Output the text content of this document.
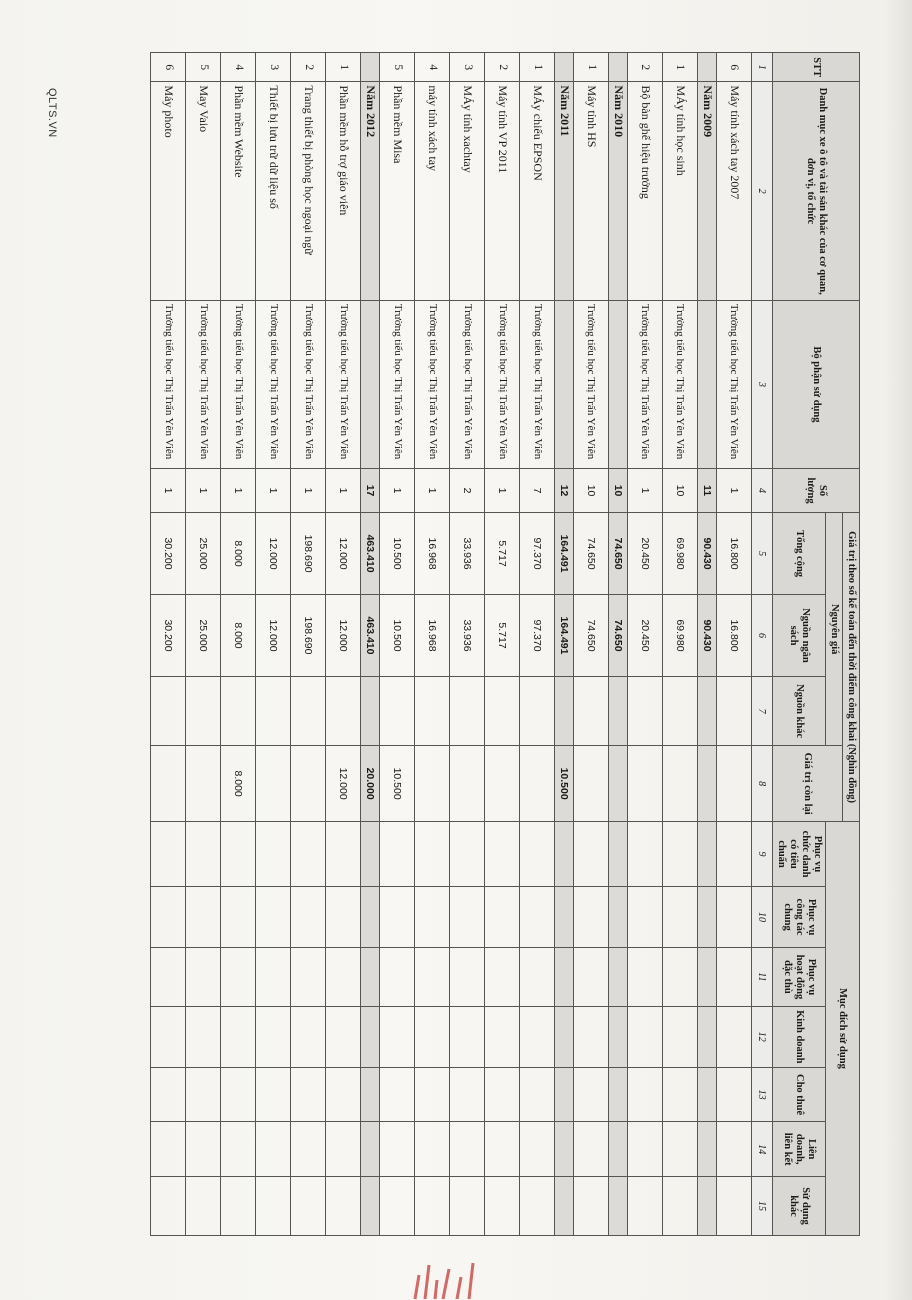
QLTS.VN
STT	Danh mục xe ô tô và tài sản khác của cơ quan, đơn vị, tổ chức	Bộ phận sử dụng	Số lượng	Giá trị theo sổ kế toán đến thời điểm công khai (Nghìn đồng)				Mục đích sử dụng						
				Nguyên giá			Giá trị còn lại							
				Tổng cộng	Nguồn ngân sách	Nguồn khác		Phục vụ chức danh có tiêu chuẩn	Phục vụ công tác chung	Phục vụ hoạt động đặc thù	Kinh doanh	Cho thuê	Liên doanh, liên kết	Sử dụng khác
1	2	3	4	5	6	7	8	9	10	11	12	13	14	15
6	Máy tính xách tay 2007	Trường tiểu học Thị Trấn Yên Viên	1	16.800	16.800									
	Năm 2009		11	90.430	90.430									
1	MÁy tính học sinh	Trường tiểu học Thị Trấn Yên Viên	10	69.980	69.980									
2	Bộ bàn ghế hiệu trưởng	Trường tiểu học Thị Trấn Yên Viên	1	20.450	20.450									
	Năm 2010		10	74.650	74.650									
1	Máy tính HS	Trường tiểu học Thị Trấn Yên Viên	10	74.650	74.650									
	Năm 2011		12	164.491	164.491		10.500							
1	MÁy chiếu EPSON	Trường tiểu học Thị Trấn Yên Viên	7	97.370	97.370									
2	Máy tính VP 2011	Trường tiểu học Thị Trấn Yên Viên	1	5.717	5.717									
3	MÁy tính xachtay	Trường tiểu học Thị Trấn Yên Viên	2	33.936	33.936									
4	máy tính xách tay	Trường tiểu học Thị Trấn Yên Viên	1	16.968	16.968									
5	Phần mềm Misa	Trường tiểu học Thị Trấn Yên Viên	1	10.500	10.500		10.500							
	Năm 2012		17	463.410	463.410		20.000							
1	Phần mềm hỗ trợ giáo viên	Trường tiểu học Thị Trấn Yên Viên	1	12.000	12.000		12.000							
2	Trang thiết bị phòng học ngoại ngữ	Trường tiểu học Thị Trấn Yên Viên	1	198.690	198.690									
3	Thiết bị lưu trữ dữ liệu số	Trường tiểu học Thị Trấn Yên Viên	1	12.000	12.000									
4	Phần mềm Website	Trường tiểu học Thị Trấn Yên Viên	1	8.000	8.000		8.000							
5	May Vaio	Trường tiểu học Thị Trấn Yên Viên	1	25.000	25.000									
6	Máy photo	Trường tiểu học Thị Trấn Yên Viên	1	30.200	30.200									
